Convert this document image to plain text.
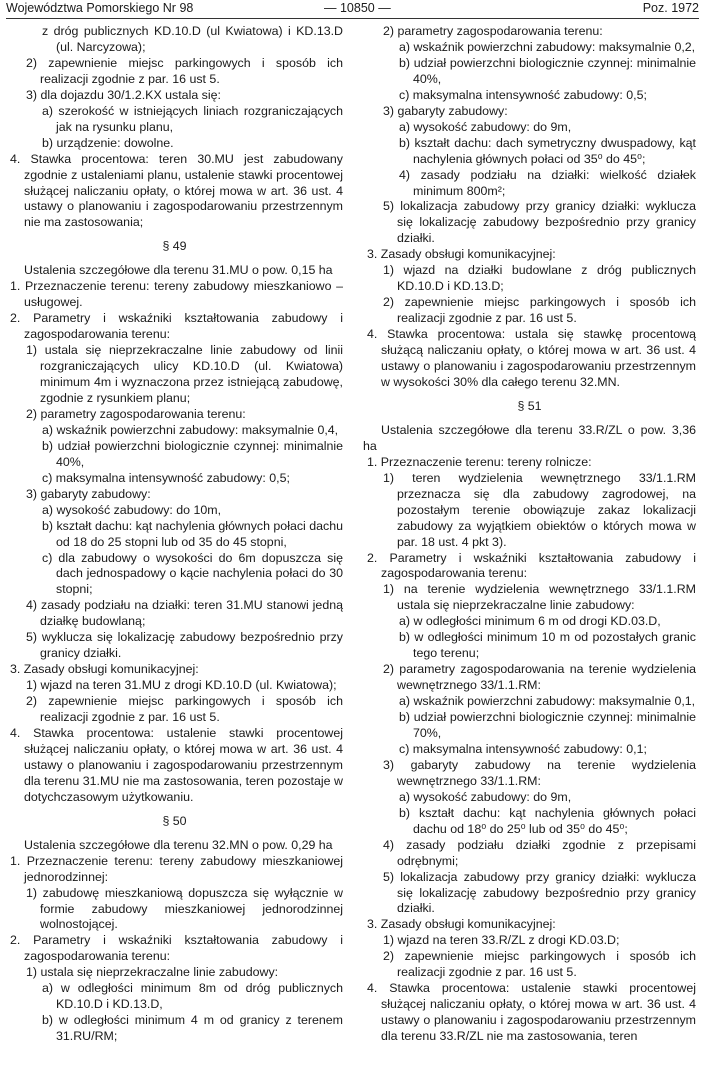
Województwa Pomorskiego Nr 98	— 10850 —	Poz. 1972
z dróg publicznych KD.10.D (ul Kwiatowa) i KD.13.D (ul. Narcyzowa);
2) zapewnienie miejsc parkingowych i sposób ich realizacji zgodnie z par. 16 ust 5.
3) dla dojazdu 30/1.2.KX ustala się:
a) szerokość w istniejących liniach rozgraniczających jak na rysunku planu,
b) urządzenie: dowolne.
4. Stawka procentowa: teren 30.MU jest zabudowany zgodnie z ustaleniami planu, ustalenie stawki procentowej służącej naliczaniu opłaty, o której mowa w art. 36 ust. 4 ustawy o planowaniu i zagospodarowaniu przestrzennym nie ma zastosowania;
§ 49
Ustalenia szczegółowe dla terenu 31.MU o pow. 0,15 ha
1. Przeznaczenie terenu: tereny zabudowy mieszkaniowo – usługowej.
2. Parametry i wskaźniki kształtowania zabudowy i zagospodarowania terenu:
1) ustala się nieprzekraczalne linie zabudowy od linii rozgraniczających ulicy KD.10.D (ul. Kwiatowa) minimum 4m i wyznaczona przez istniejącą zabudowę, zgodnie z rysunkiem planu;
2) parametry zagospodarowania terenu:
a) wskaźnik powierzchni zabudowy: maksymalnie 0,4,
b) udział powierzchni biologicznie czynnej: minimalnie 40%,
c) maksymalna intensywność zabudowy: 0,5;
3) gabaryty zabudowy:
a) wysokość zabudowy: do 10m,
b) kształt dachu: kąt nachylenia głównych połaci dachu od 18 do 25 stopni lub od 35 do 45 stopni,
c) dla zabudowy o wysokości do 6m dopuszcza się dach jednospadowy o kącie nachylenia połaci do 30 stopni;
4) zasady podziału na działki: teren 31.MU stanowi jedną działkę budowlaną;
5) wyklucza się lokalizację zabudowy bezpośrednio przy granicy działki.
3. Zasady obsługi komunikacyjnej:
1) wjazd na teren 31.MU z drogi KD.10.D (ul. Kwiatowa);
2) zapewnienie miejsc parkingowych i sposób ich realizacji zgodnie z par. 16 ust 5.
4. Stawka procentowa: ustalenie stawki procentowej służącej naliczaniu opłaty, o której mowa w art. 36 ust. 4 ustawy o planowaniu i zagospodarowaniu przestrzennym dla terenu 31.MU nie ma zastosowania, teren pozostaje w dotychczasowym użytkowaniu.
§ 50
Ustalenia szczegółowe dla terenu 32.MN o pow. 0,29 ha
1. Przeznaczenie terenu: tereny zabudowy mieszkaniowej jednorodzinnej:
1) zabudowę mieszkaniową dopuszcza się wyłącznie w formie zabudowy mieszkaniowej jednorodzinnej wolnostojącej.
2. Parametry i wskaźniki kształtowania zabudowy i zagospodarowania terenu:
1) ustala się nieprzekraczalne linie zabudowy:
a) w odległości minimum 8m od dróg publicznych KD.10.D i KD.13.D,
b) w odległości minimum 4 m od granicy z terenem 31.RU/RM;
2) parametry zagospodarowania terenu:
a) wskaźnik powierzchni zabudowy: maksymalnie 0,2,
b) udział powierzchni biologicznie czynnej: minimalnie 40%,
c) maksymalna intensywność zabudowy: 0,5;
3) gabaryty zabudowy:
a) wysokość zabudowy: do 9m,
b) kształt dachu: dach symetryczny dwuspadowy, kąt nachylenia głównych połaci od 35⁰ do 45⁰;
4) zasady podziału na działki: wielkość działek minimum 800m²;
5) lokalizacja zabudowy przy granicy działki: wyklucza się lokalizację zabudowy bezpośrednio przy granicy działki.
3. Zasady obsługi komunikacyjnej:
1) wjazd na działki budowlane z dróg publicznych KD.10.D i KD.13.D;
2) zapewnienie miejsc parkingowych i sposób ich realizacji zgodnie z par. 16 ust 5.
4. Stawka procentowa: ustala się stawkę procentową służącą naliczaniu opłaty, o której mowa w art. 36 ust. 4 ustawy o planowaniu i zagospodarowaniu przestrzennym w wysokości 30% dla całego terenu 32.MN.
§ 51
Ustalenia szczegółowe dla terenu 33.R/ZL o pow. 3,36 ha
1. Przeznaczenie terenu: tereny rolnicze:
1) teren wydzielenia wewnętrznego 33/1.1.RM przeznacza się dla zabudowy zagrodowej, na pozostałym terenie obowiązuje zakaz lokalizacji zabudowy za wyjątkiem obiektów o których mowa w par. 18 ust. 4 pkt 3).
2. Parametry i wskaźniki kształtowania zabudowy i zagospodarowania terenu:
1) na terenie wydzielenia wewnętrznego 33/1.1.RM ustala się nieprzekraczalne linie zabudowy:
a) w odległości minimum 6 m od drogi KD.03.D,
b) w odległości minimum 10 m od pozostałych granic tego terenu;
2) parametry zagospodarowania na terenie wydzielenia wewnętrznego 33/1.1.RM:
a) wskaźnik powierzchni zabudowy: maksymalnie 0,1,
b) udział powierzchni biologicznie czynnej: minimalnie 70%,
c) maksymalna intensywność zabudowy: 0,1;
3) gabaryty zabudowy na terenie wydzielenia wewnętrznego 33/1.1.RM:
a) wysokość zabudowy: do 9m,
b) kształt dachu: kąt nachylenia głównych połaci dachu od 18⁰ do 25⁰ lub od 35⁰ do 45⁰;
4) zasady podziału działki zgodnie z przepisami odrębnymi;
5) lokalizacja zabudowy przy granicy działki: wyklucza się lokalizację zabudowy bezpośrednio przy granicy działki.
3. Zasady obsługi komunikacyjnej:
1) wjazd na teren 33.R/ZL z drogi KD.03.D;
2) zapewnienie miejsc parkingowych i sposób ich realizacji zgodnie z par. 16 ust 5.
4. Stawka procentowa: ustalenie stawki procentowej służącej naliczaniu opłaty, o której mowa w art. 36 ust. 4 ustawy o planowaniu i zagospodarowaniu przestrzennym dla terenu 33.R/ZL nie ma zastosowania, teren
